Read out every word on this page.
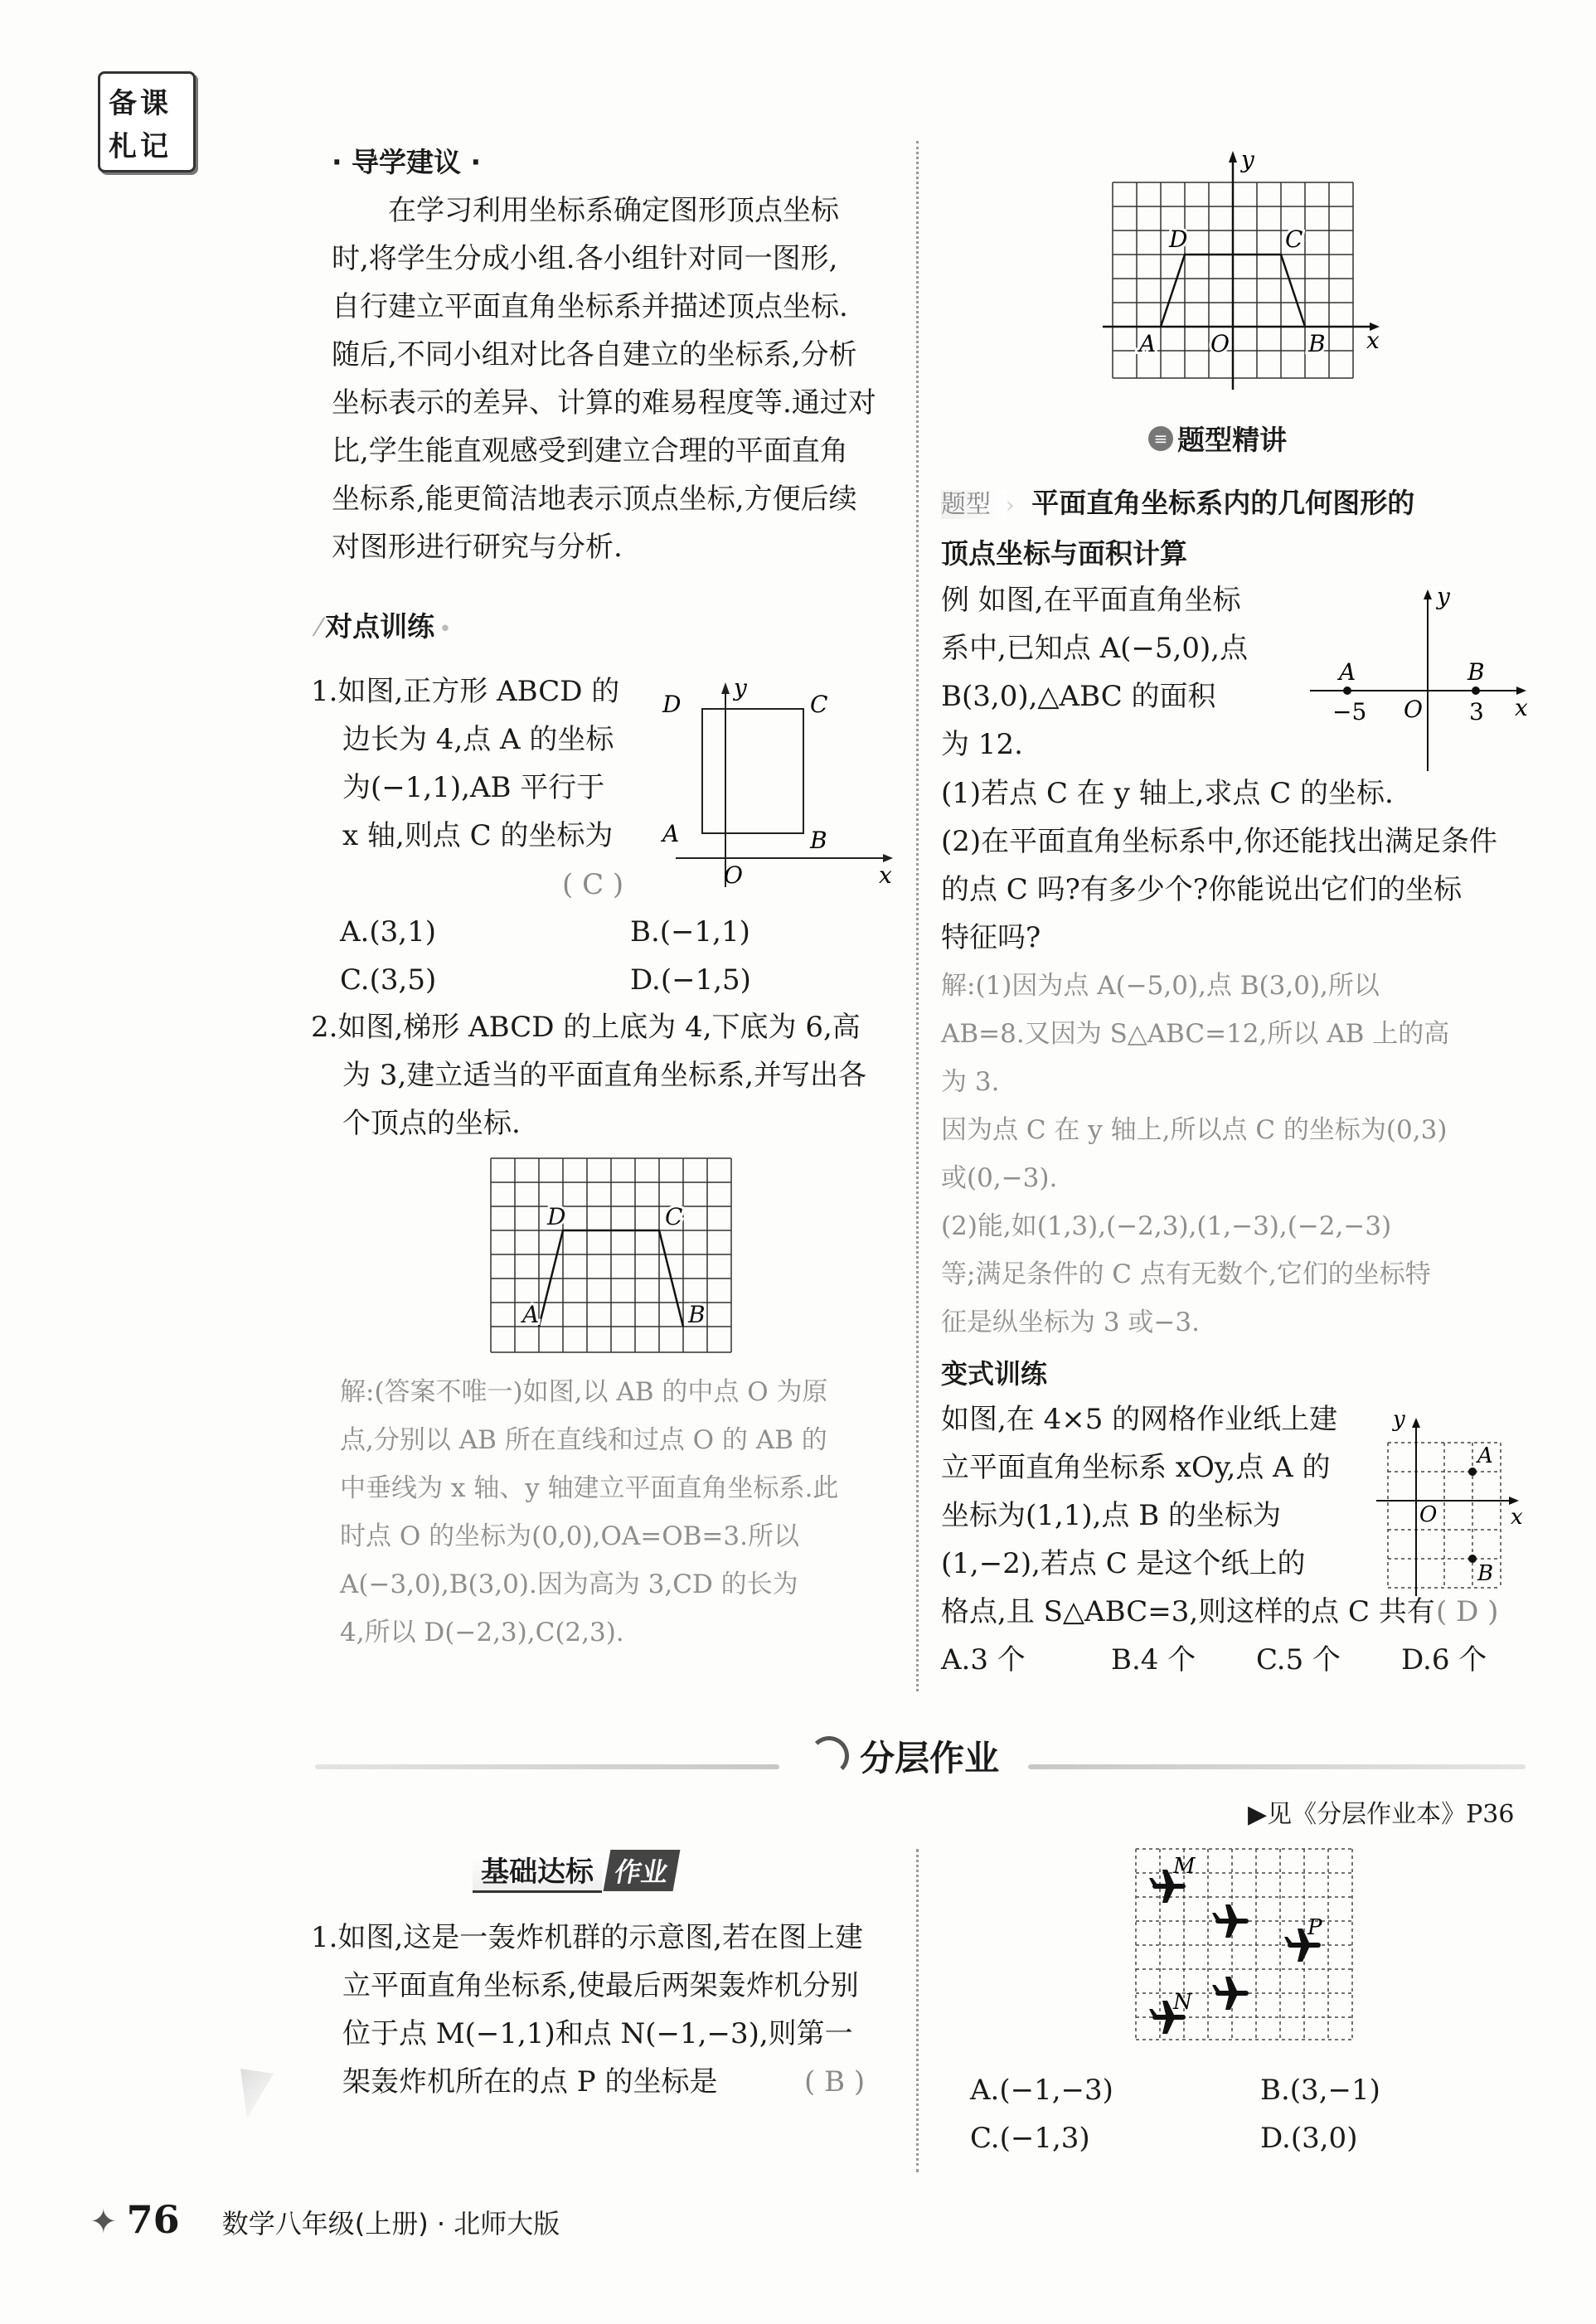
备课
札记	· 导学建议 ·
在学习利用坐标系确定图形顶点坐标
时,将学生分成小组.各小组针对同一图形,
自行建立平面直角坐标系并描述顶点坐标.
随后,不同小组对比各自建立的坐标系,分析
坐标表示的差异、计算的难易程度等.通过对
比,学生能直观感受到建立合理的平面直角
坐标系,能更简洁地表示顶点坐标,方便后续
对图形进行研究与分析.
⁄ 对点训练 •
1.如图,正方形 ABCD 的
边长为 4,点 A 的坐标
为(−1,1),AB 平行于
x 轴,则点 C 的坐标为
( C )
D	C
A	B
O	x
y
A.(3,1)	B.(−1,1)
C.(3,5)	D.(−1,5)
2.如图,梯形 ABCD 的上底为 4,下底为 6,高
为 3,建立适当的平面直角坐标系,并写出各
个顶点的坐标.
D	C
A	B
解:(答案不唯一)如图,以 AB 的中点 O 为原
点,分别以 AB 所在直线和过点 O 的 AB 的
中垂线为 x 轴、y 轴建立平面直角坐标系.此
时点 O 的坐标为(0,0),OA=OB=3.所以
A(−3,0),B(3,0).因为高为 3,CD 的长为
4,所以 D(−2,3),C(2,3).
D	C
A O	B x
y
≡ 题型精讲
题型 › 平面直角坐标系内的几何图形的
顶点坐标与面积计算
例 如图,在平面直角坐标
系中,已知点 A(−5,0),点
B(3,0),△ABC 的面积
为 12.
A	B
−5 O 3 x
y
(1)若点 C 在 y 轴上,求点 C 的坐标.
(2)在平面直角坐标系中,你还能找出满足条件
的点 C 吗?有多少个?你能说出它们的坐标
特征吗?
解:(1)因为点 A(−5,0),点 B(3,0),所以
AB=8.又因为 S△ABC=12,所以 AB 上的高
为 3.
因为点 C 在 y 轴上,所以点 C 的坐标为(0,3)
或(0,−3).
(2)能,如(1,3),(−2,3),(1,−3),(−2,−3)
等;满足条件的 C 点有无数个,它们的坐标特
征是纵坐标为 3 或−3.
变式训练
如图,在 4×5 的网格作业纸上建
立平面直角坐标系 xOy,点 A 的
坐标为(1,1),点 B 的坐标为
(1,−2),若点 C 是这个纸上的
格点,且 S△ABC=3,则这样的点 C 共有 ( D )
A
B
O	x
y
A.3 个	B.4 个 C.5 个 D.6 个
分层作业
▶见《分层作业本》P36
基础达标 作业
1.如图,这是一轰炸机群的示意图,若在图上建
立平面直角坐标系,使最后两架轰炸机分别
位于点 M(−1,1)和点 N(−1,−3),则第一
架轰炸机所在的点 P 的坐标是	( B )
M
P
N
A.(−1,−3)	B.(3,−1)
C.(−1,3)	D.(3,0)
✦ 76 数学八年级(上册) · 北师大版
